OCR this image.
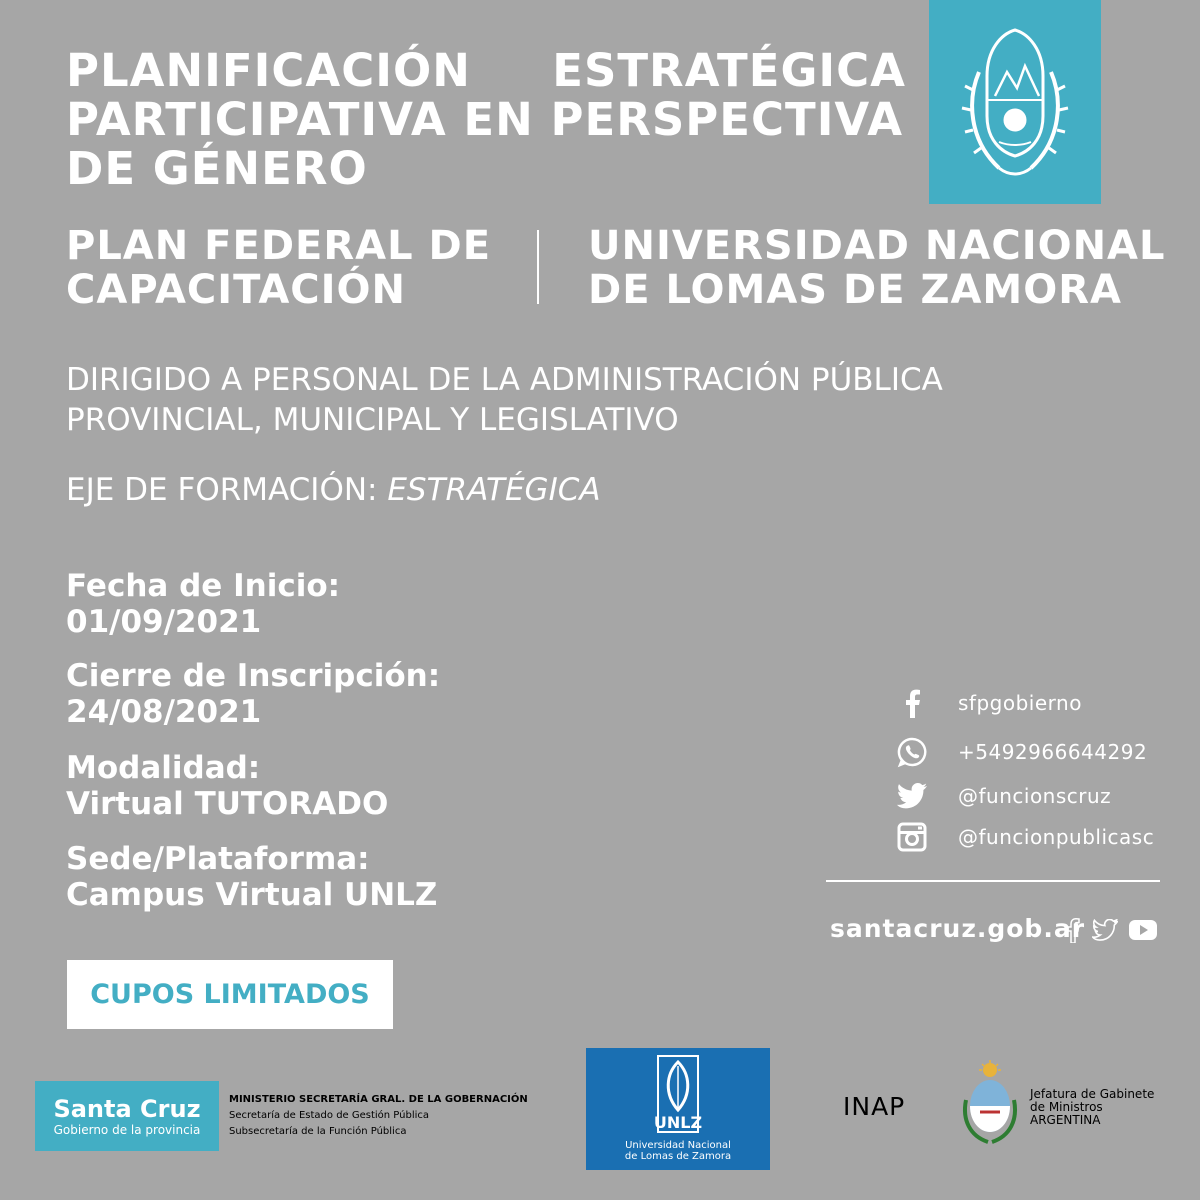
PLANIFICACIÓN ESTRATÉGICA
PARTICIPATIVA EN PERSPECTIVA
DE GÉNERO
PLAN FEDERAL DE
CAPACITACIÓN
UNIVERSIDAD NACIONAL
DE LOMAS DE ZAMORA
DIRIGIDO A PERSONAL DE LA ADMINISTRACIÓN PÚBLICA
PROVINCIAL, MUNICIPAL Y LEGISLATIVO
EJE DE FORMACIÓN: ESTRATÉGICA
Fecha de Inicio:
01/09/2021
Cierre de Inscripción:
24/08/2021
Modalidad:
Virtual TUTORADO
Sede/Plataforma:
Campus Virtual UNLZ
CUPOS LIMITADOS
sfpgobierno
+5492966644292
@funcionscruz
@funcionpublicasc
santacruz.gob.ar
Santa Cruz
Gobierno de la provincia
MINISTERIO SECRETARÍA GRAL. DE LA GOBERNACIÓN
Secretaría de Estado de Gestión Pública
Subsecretaría de la Función Pública	UNLZ
Universidad Nacional
de Lomas de Zamora
INAP	Jefatura de Gabinete
de Ministros
ARGENTINA
